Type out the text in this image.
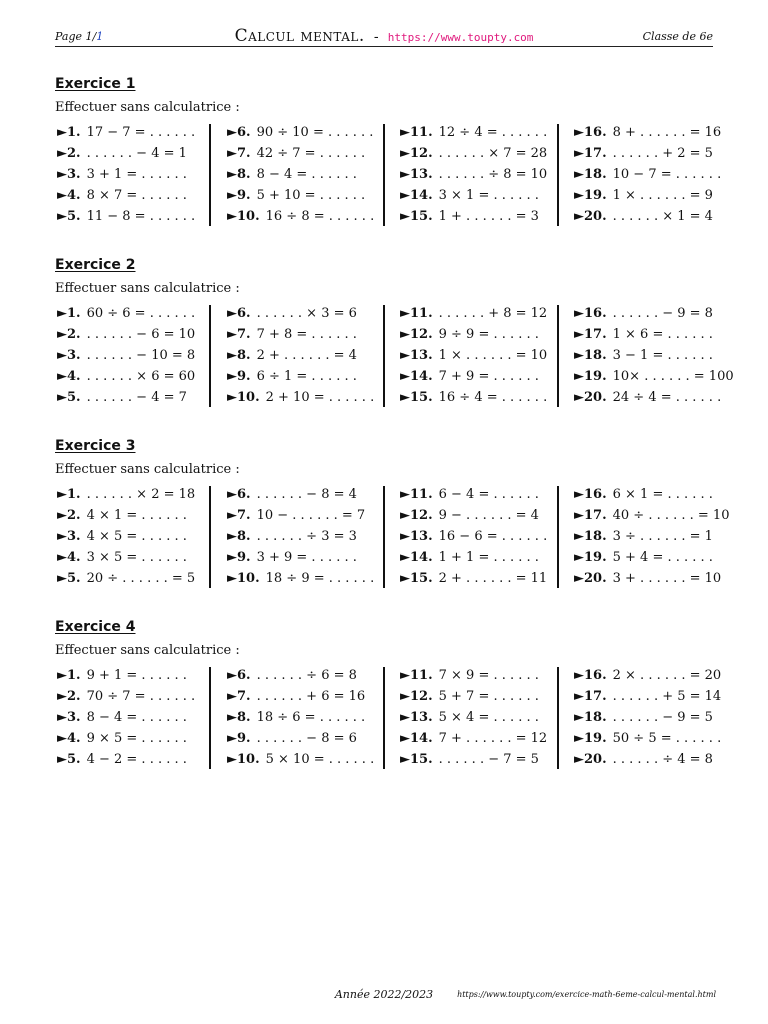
Page 1/1	Calcul mental. - https://www.toupty.com	Classe de 6e
Exercice 1
Effectuer sans calculatrice :
►1. 17 − 7 = . . . . . .
►2. . . . . . . − 4 = 1
►3. 3 + 1 = . . . . . .
►4. 8 × 7 = . . . . . .
►5. 11 − 8 = . . . . . .
►6. 90 ÷ 10 = . . . . . .
►7. 42 ÷ 7 = . . . . . .
►8. 8 − 4 = . . . . . .
►9. 5 + 10 = . . . . . .
►10. 16 ÷ 8 = . . . . . .
►11. 12 ÷ 4 = . . . . . .
►12. . . . . . . × 7 = 28
►13. . . . . . . ÷ 8 = 10
►14. 3 × 1 = . . . . . .
►15. 1 + . . . . . . = 3
►16. 8 + . . . . . . = 16
►17. . . . . . . + 2 = 5
►18. 10 − 7 = . . . . . .
►19. 1 × . . . . . . = 9
►20. . . . . . . × 1 = 4
Exercice 2
Effectuer sans calculatrice :
►1. 60 ÷ 6 = . . . . . .
►2. . . . . . . − 6 = 10
►3. . . . . . . − 10 = 8
►4. . . . . . . × 6 = 60
►5. . . . . . . − 4 = 7
►6. . . . . . . × 3 = 6
►7. 7 + 8 = . . . . . .
►8. 2 + . . . . . . = 4
►9. 6 ÷ 1 = . . . . . .
►10. 2 + 10 = . . . . . .
►11. . . . . . . + 8 = 12
►12. 9 ÷ 9 = . . . . . .
►13. 1 × . . . . . . = 10
►14. 7 + 9 = . . . . . .
►15. 16 ÷ 4 = . . . . . .
►16. . . . . . . − 9 = 8
►17. 1 × 6 = . . . . . .
►18. 3 − 1 = . . . . . .
►19. 10× . . . . . . = 100
►20. 24 ÷ 4 = . . . . . .
Exercice 3
Effectuer sans calculatrice :
►1. . . . . . . × 2 = 18
►2. 4 × 1 = . . . . . .
►3. 4 × 5 = . . . . . .
►4. 3 × 5 = . . . . . .
►5. 20 ÷ . . . . . . = 5
►6. . . . . . . − 8 = 4
►7. 10 − . . . . . . = 7
►8. . . . . . . ÷ 3 = 3
►9. 3 + 9 = . . . . . .
►10. 18 ÷ 9 = . . . . . .
►11. 6 − 4 = . . . . . .
►12. 9 − . . . . . . = 4
►13. 16 − 6 = . . . . . .
►14. 1 + 1 = . . . . . .
►15. 2 + . . . . . . = 11
►16. 6 × 1 = . . . . . .
►17. 40 ÷ . . . . . . = 10
►18. 3 ÷ . . . . . . = 1
►19. 5 + 4 = . . . . . .
►20. 3 + . . . . . . = 10
Exercice 4
Effectuer sans calculatrice :
►1. 9 + 1 = . . . . . .
►2. 70 ÷ 7 = . . . . . .
►3. 8 − 4 = . . . . . .
►4. 9 × 5 = . . . . . .
►5. 4 − 2 = . . . . . .
►6. . . . . . . ÷ 6 = 8
►7. . . . . . . + 6 = 16
►8. 18 ÷ 6 = . . . . . .
►9. . . . . . . − 8 = 6
►10. 5 × 10 = . . . . . .
►11. 7 × 9 = . . . . . .
►12. 5 + 7 = . . . . . .
►13. 5 × 4 = . . . . . .
►14. 7 + . . . . . . = 12
►15. . . . . . . − 7 = 5
►16. 2 × . . . . . . = 20
►17. . . . . . . + 5 = 14
►18. . . . . . . − 9 = 5
►19. 50 ÷ 5 = . . . . . .
►20. . . . . . . ÷ 4 = 8
Année 2022/2023	https://www.toupty.com/exercice-math-6eme-calcul-mental.html
